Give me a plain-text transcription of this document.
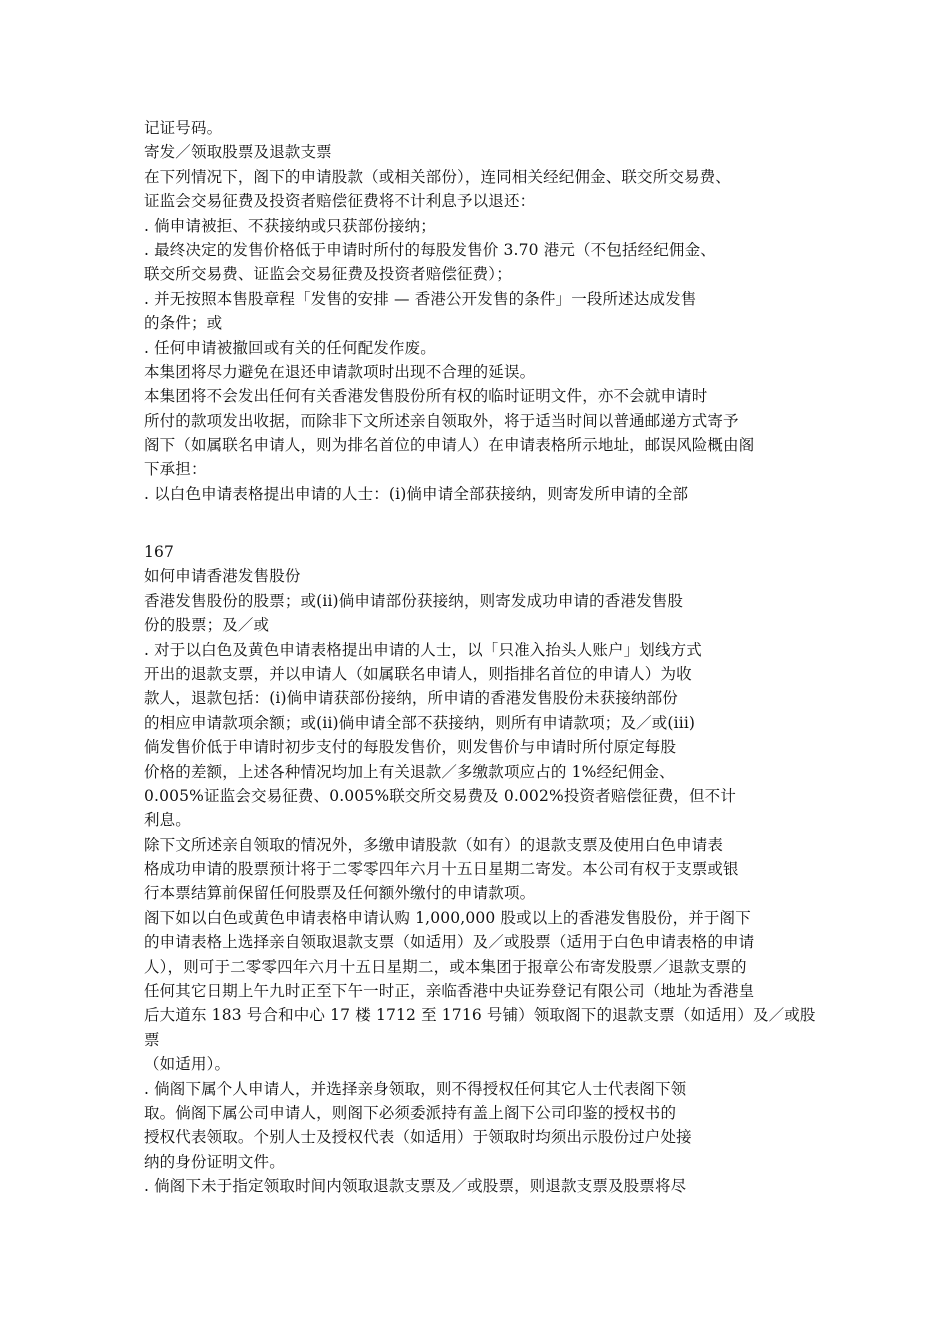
记证号码。
寄发／领取股票及退款支票
在下列情况下，阁下的申请股款（或相关部份），连同相关经纪佣金、联交所交易费、
证监会交易征费及投资者赔偿征费将不计利息予以退还：
. 倘申请被拒、不获接纳或只获部份接纳；
. 最终决定的发售价格低于申请时所付的每股发售价 3.70 港元（不包括经纪佣金、
联交所交易费、证监会交易征费及投资者赔偿征费）；
. 并无按照本售股章程「发售的安排 — 香港公开发售的条件」一段所述达成发售
的条件；或
. 任何申请被撤回或有关的任何配发作废。
本集团将尽力避免在退还申请款项时出现不合理的延误。
本集团将不会发出任何有关香港发售股份所有权的临时证明文件，亦不会就申请时
所付的款项发出收据，而除非下文所述亲自领取外，将于适当时间以普通邮递方式寄予
阁下（如属联名申请人，则为排名首位的申请人）在申请表格所示地址，邮误风险概由阁
下承担：
. 以白色申请表格提出申请的人士：(i)倘申请全部获接纳，则寄发所申请的全部
167
如何申请香港发售股份
香港发售股份的股票；或(ii)倘申请部份获接纳，则寄发成功申请的香港发售股
份的股票；及／或
. 对于以白色及黄色申请表格提出申请的人士，以「只准入抬头人账户」划线方式
开出的退款支票，并以申请人（如属联名申请人，则指排名首位的申请人）为收
款人，退款包括：(i)倘申请获部份接纳，所申请的香港发售股份未获接纳部份
的相应申请款项余额；或(ii)倘申请全部不获接纳，则所有申请款项；及／或(iii)
倘发售价低于申请时初步支付的每股发售价，则发售价与申请时所付原定每股
价格的差额，上述各种情况均加上有关退款／多缴款项应占的 1%经纪佣金、
0.005%证监会交易征费、0.005%联交所交易费及 0.002%投资者赔偿征费，但不计
利息。
除下文所述亲自领取的情况外，多缴申请股款（如有）的退款支票及使用白色申请表
格成功申请的股票预计将于二零零四年六月十五日星期二寄发。本公司有权于支票或银
行本票结算前保留任何股票及任何额外缴付的申请款项。
阁下如以白色或黄色申请表格申请认购 1,000,000 股或以上的香港发售股份，并于阁下
的申请表格上选择亲自领取退款支票（如适用）及／或股票（适用于白色申请表格的申请
人），则可于二零零四年六月十五日星期二，或本集团于报章公布寄发股票／退款支票的
任何其它日期上午九时正至下午一时正，亲临香港中央证券登记有限公司（地址为香港皇
后大道东 183 号合和中心 17 楼 1712 至 1716 号铺）领取阁下的退款支票（如适用）及／或股
票
（如适用）。
. 倘阁下属个人申请人，并选择亲身领取，则不得授权任何其它人士代表阁下领
取。倘阁下属公司申请人，则阁下必须委派持有盖上阁下公司印鉴的授权书的
授权代表领取。个别人士及授权代表（如适用）于领取时均须出示股份过户处接
纳的身份证明文件。
. 倘阁下未于指定领取时间内领取退款支票及／或股票，则退款支票及股票将尽
